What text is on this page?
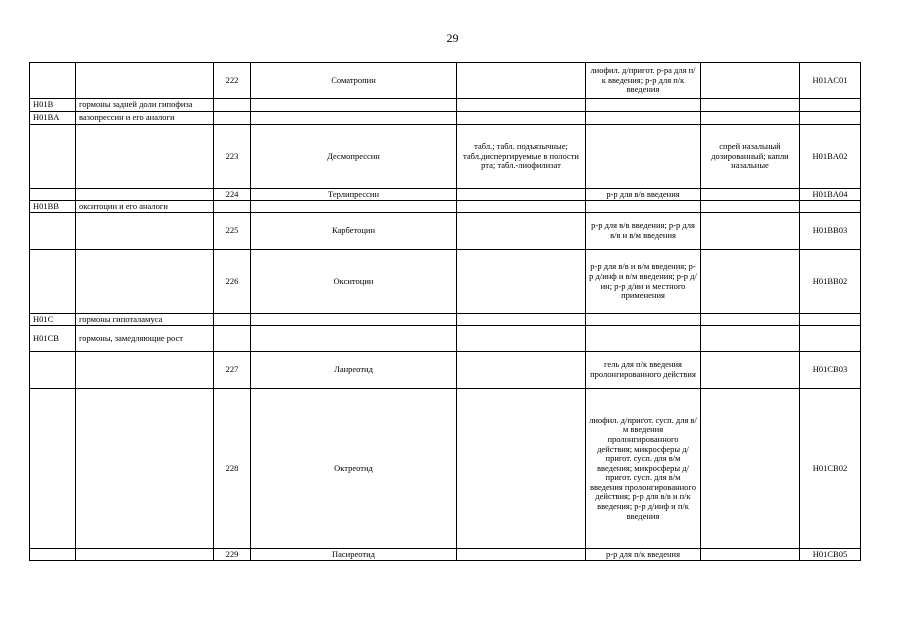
29
		222	Соматропин		лиофил. д/пригот. р-ра для п/к введения; р-р для п/к введения		H01AC01
H01B	гормоны задней доли гипофиза						
H01BA	вазопрессин и его аналоги						
		223	Десмопрессин	табл.; табл. подъязычные; табл.диспергируемые в полости рта; табл.-лиофилизат		спрей назальный дозированный; капли назальные	H01BA02
		224	Терлипрессин		р-р для в/в введения		H01BA04
H01BB	окситоцин и его аналоги						
		225	Карбетоцин		р-р для в/в введения; р-р для в/в и в/м введения		H01BB03
		226	Окситоцин		р-р для в/в и в/м введения; р-р д/инф и в/м введения; р-р д/ин; р-р д/ин и местного применения		H01BB02
H01C	гормоны гипоталамуса						
H01CB	гормоны, замедляющие рост						
		227	Ланреотид		гель для п/к введения пролонгированного действия		H01CB03
		228	Октреотид		лиофил. д/пригот. сусп. для в/м введения пролонгированного действия; микросферы д/пригот. сусп. для в/м введения; микросферы д/пригот. сусп. для в/м введения пролонгированного действия; р-р для в/в и п/к введения; р-р д/инф и п/к введения		H01CB02
		229	Пасиреотид		р-р для п/к введения		H01CB05
